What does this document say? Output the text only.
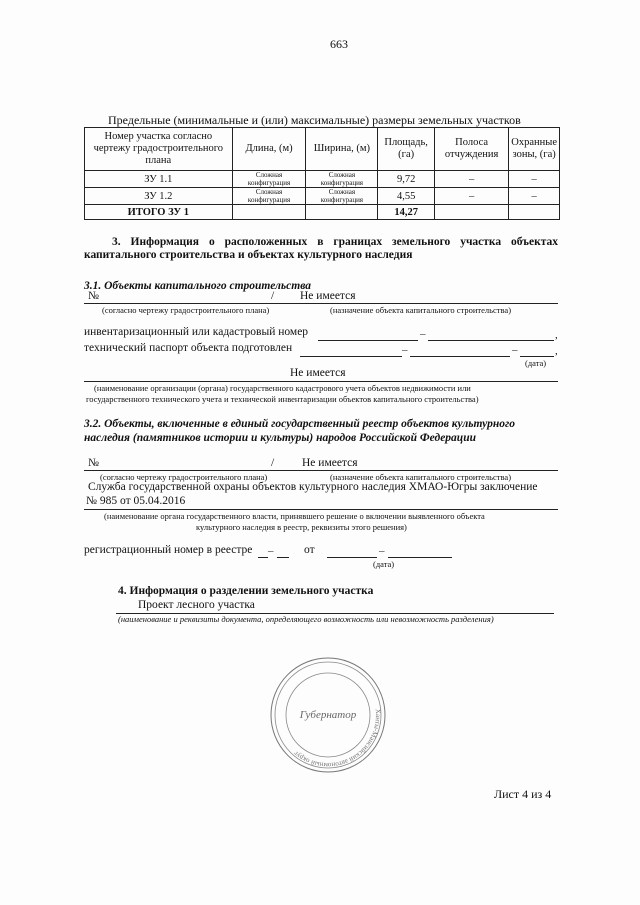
663
Предельные (минимальные и (или) максимальные) размеры земельных участков
Номер участка согласно чертежу градостроительного плана	Длина, (м)	Ширина, (м)	Площадь, (га)	Полоса отчуждения	Охранные зоны, (га)
ЗУ 1.1	Сложная конфигурация	Сложная конфигурация	9,72	–	–
ЗУ 1.2	Сложная конфигурация	Сложная конфигурация	4,55	–	–
ИТОГО ЗУ 1			14,27		
3. Информация о расположенных в границах земельного участка объектах капитального строительства и объектах культурного наследия
3.1. Объекты капитального строительства
№	/ Не имеется
(согласно чертежу градостроительного плана)	(назначение объекта капитального строительства)
инвентаризационный или кадастровый номер	–	,
технический паспорт объекта подготовлен	–	–	,
(дата)
Не имеется
(наименование организации (органа) государственного кадастрового учета объектов недвижимости или
государственного технического учета и технической инвентаризации объектов капитального строительства)
3.2. Объекты, включенные в единый государственный реестр объектов культурного
наследия (памятников истории и культуры) народов Российской Федерации
№	/ Не имеется
(согласно чертежу градостроительного плана)	(назначение объекта капитального строительства)
Служба государственной охраны объектов культурного наследия ХМАО-Югры заключение
№ 985 от 05.04.2016
(наименование органа государственного власти, принявшего решение о включении выявленного объекта
культурного наследия в реестр, реквизиты этого решения)
регистрационный номер в реестре –	от	–
(дата)
4. Информация о разделении земельного участка
Проект лесного участка
(наименование и реквизиты документа, определяющего возможность или невозможность разделения)
Ханты-Мансийский автономный округ
Губернатор
Лист 4 из 4
